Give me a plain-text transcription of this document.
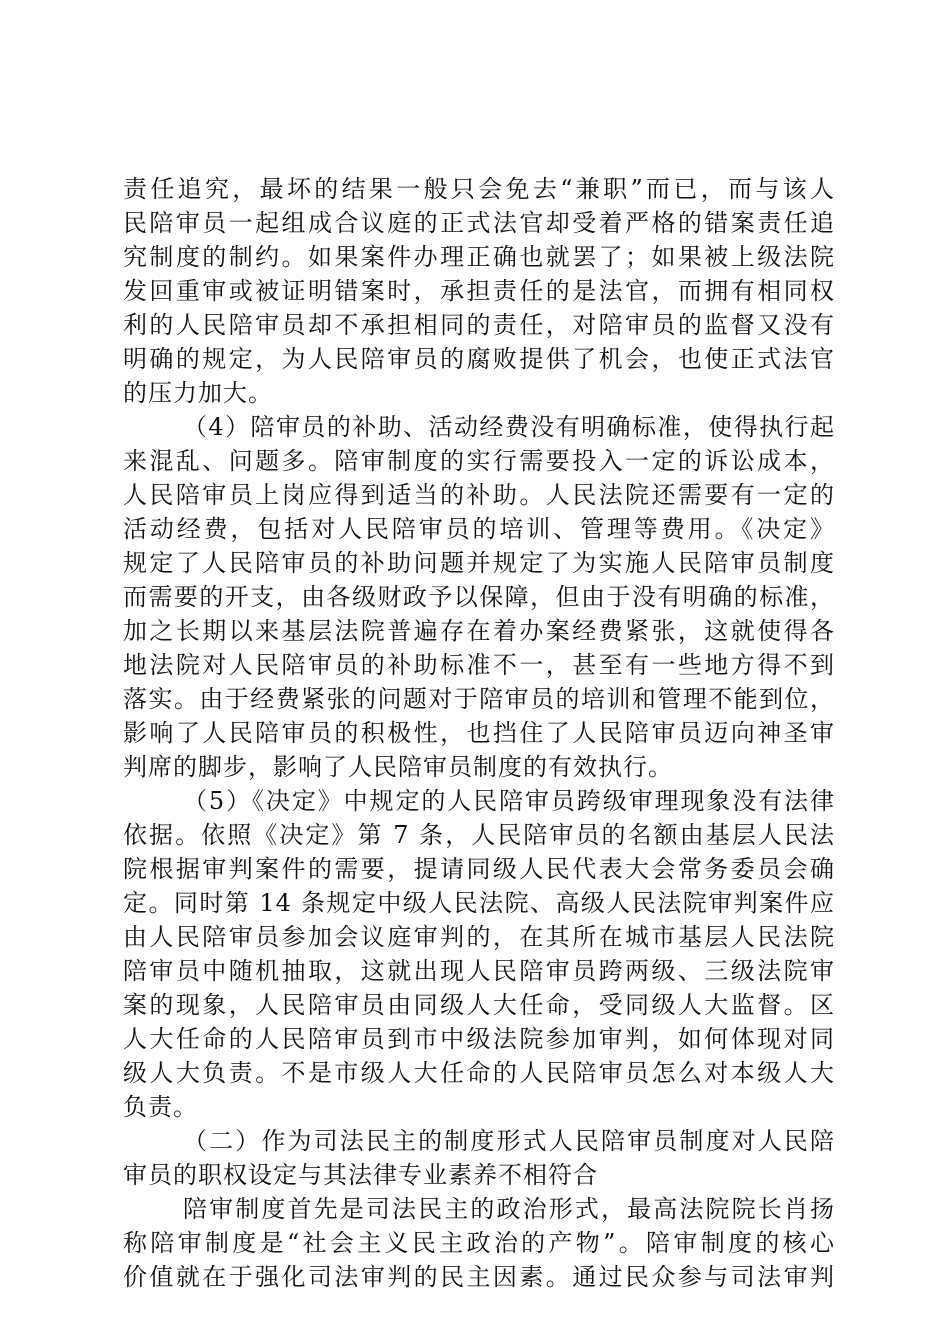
责任追究，最坏的结果一般只会免去“兼职”而已，而与该人
民陪审员一起组成合议庭的正式法官却受着严格的错案责任追
究制度的制约。如果案件办理正确也就罢了；如果被上级法院
发回重审或被证明错案时，承担责任的是法官，而拥有相同权
利的人民陪审员却不承担相同的责任，对陪审员的监督又没有
明确的规定，为人民陪审员的腐败提供了机会，也使正式法官
的压力加大。
（4）陪审员的补助、活动经费没有明确标准，使得执行起
来混乱、问题多。陪审制度的实行需要投入一定的诉讼成本，
人民陪审员上岗应得到适当的补助。人民法院还需要有一定的
活动经费，包括对人民陪审员的培训、管理等费用。《决定》
规定了人民陪审员的补助问题并规定了为实施人民陪审员制度
而需要的开支，由各级财政予以保障，但由于没有明确的标准，
加之长期以来基层法院普遍存在着办案经费紧张，这就使得各
地法院对人民陪审员的补助标准不一，甚至有一些地方得不到
落实。由于经费紧张的问题对于陪审员的培训和管理不能到位，
影响了人民陪审员的积极性，也挡住了人民陪审员迈向神圣审
判席的脚步，影响了人民陪审员制度的有效执行。
（5）《决定》中规定的人民陪审员跨级审理现象没有法律
依据。依照《决定》第 7 条，人民陪审员的名额由基层人民法
院根据审判案件的需要，提请同级人民代表大会常务委员会确
定。同时第 14 条规定中级人民法院、高级人民法院审判案件应
由人民陪审员参加会议庭审判的，在其所在城市基层人民法院
陪审员中随机抽取，这就出现人民陪审员跨两级、三级法院审
案的现象，人民陪审员由同级人大任命，受同级人大监督。区
人大任命的人民陪审员到市中级法院参加审判，如何体现对同
级人大负责。不是市级人大任命的人民陪审员怎么对本级人大
负责。
（二）作为司法民主的制度形式人民陪审员制度对人民陪
审员的职权设定与其法律专业素养不相符合
陪审制度首先是司法民主的政治形式，最高法院院长肖扬
称陪审制度是“社会主义民主政治的产物”。陪审制度的核心
价值就在于强化司法审判的民主因素。通过民众参与司法审判
